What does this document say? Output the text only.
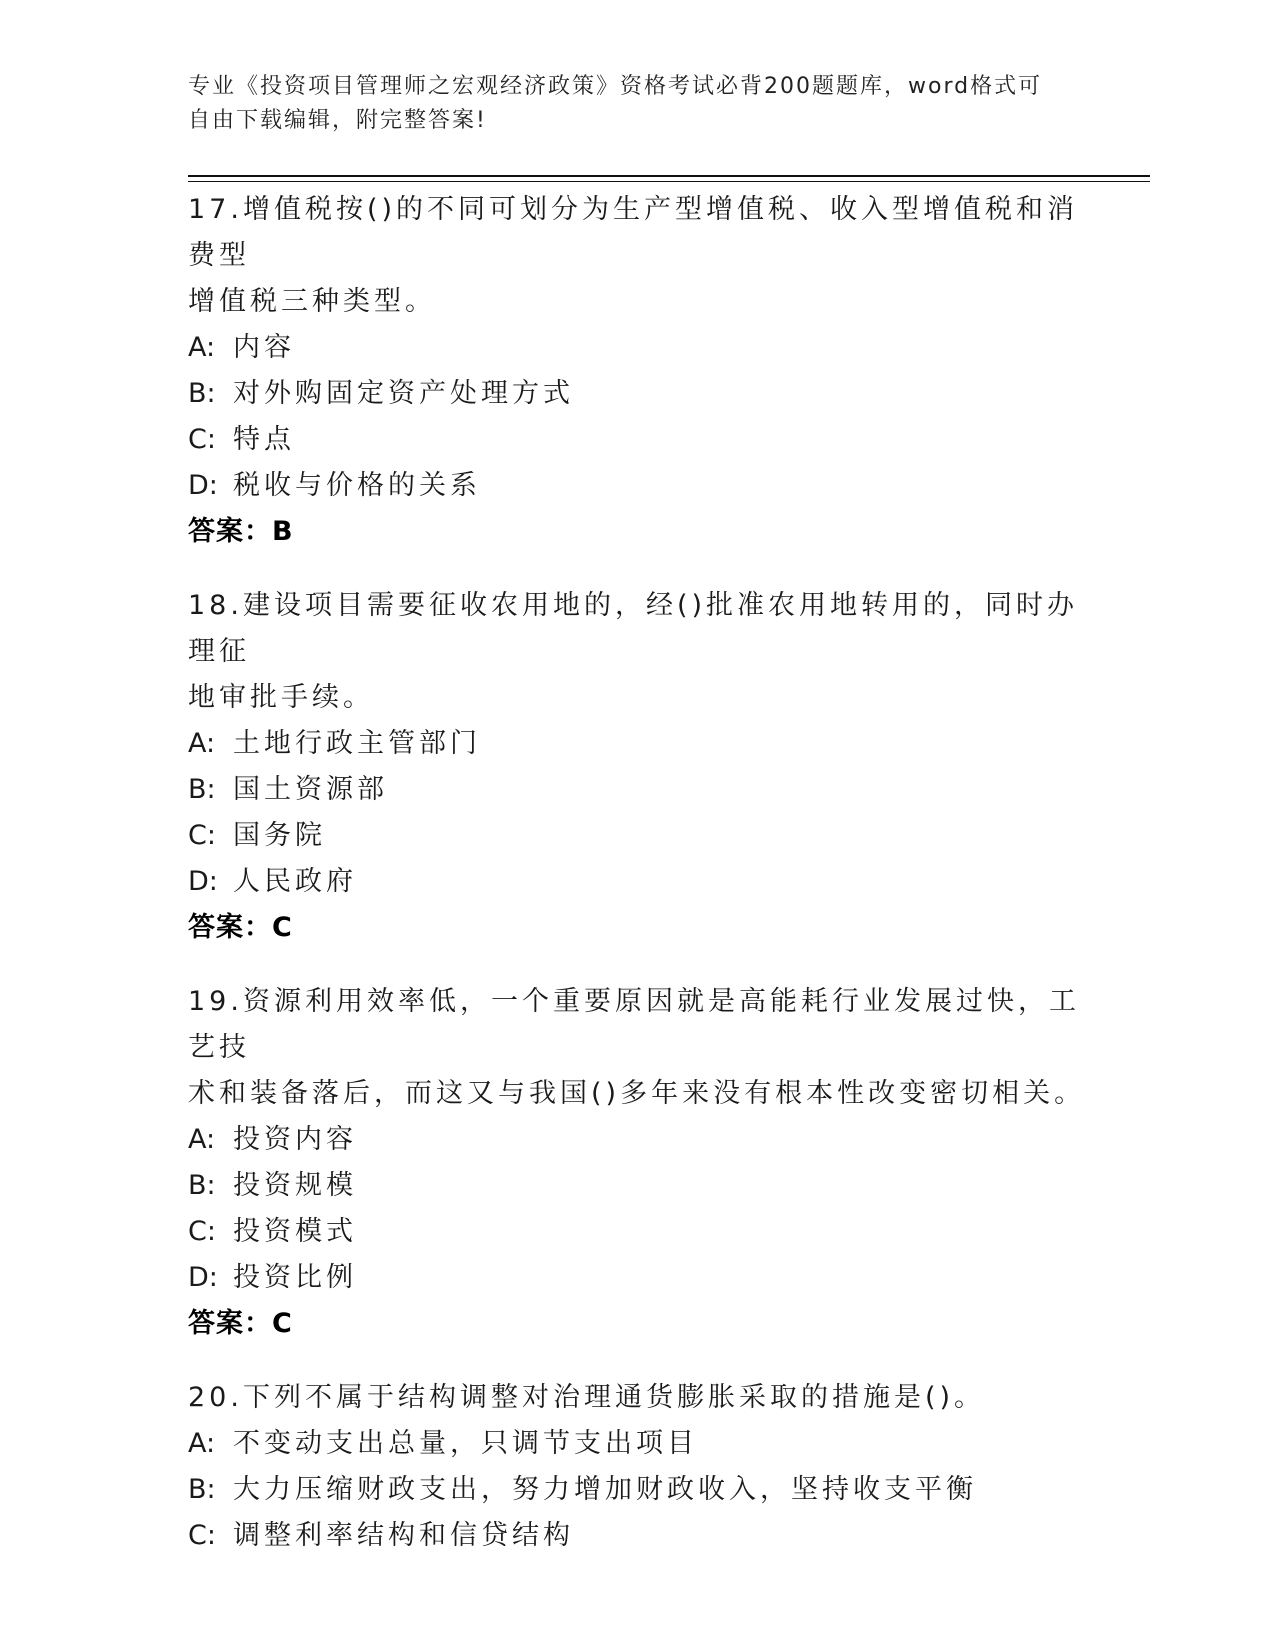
专业《投资项目管理师之宏观经济政策》资格考试必背200题题库，word格式可
自由下载编辑，附完整答案!
17.增值税按()的不同可划分为生产型增值税、收入型增值税和消费型
增值税三种类型。
A: 内容
B: 对外购固定资产处理方式
C: 特点
D: 税收与价格的关系
答案：B
18.建设项目需要征收农用地的，经()批准农用地转用的，同时办理征
地审批手续。
A: 土地行政主管部门
B: 国土资源部
C: 国务院
D: 人民政府
答案：C
19.资源利用效率低，一个重要原因就是高能耗行业发展过快，工艺技
术和装备落后，而这又与我国()多年来没有根本性改变密切相关。
A: 投资内容
B: 投资规模
C: 投资模式
D: 投资比例
答案：C
20.下列不属于结构调整对治理通货膨胀采取的措施是()。
A: 不变动支出总量，只调节支出项目
B: 大力压缩财政支出，努力增加财政收入，坚持收支平衡
C: 调整利率结构和信贷结构
